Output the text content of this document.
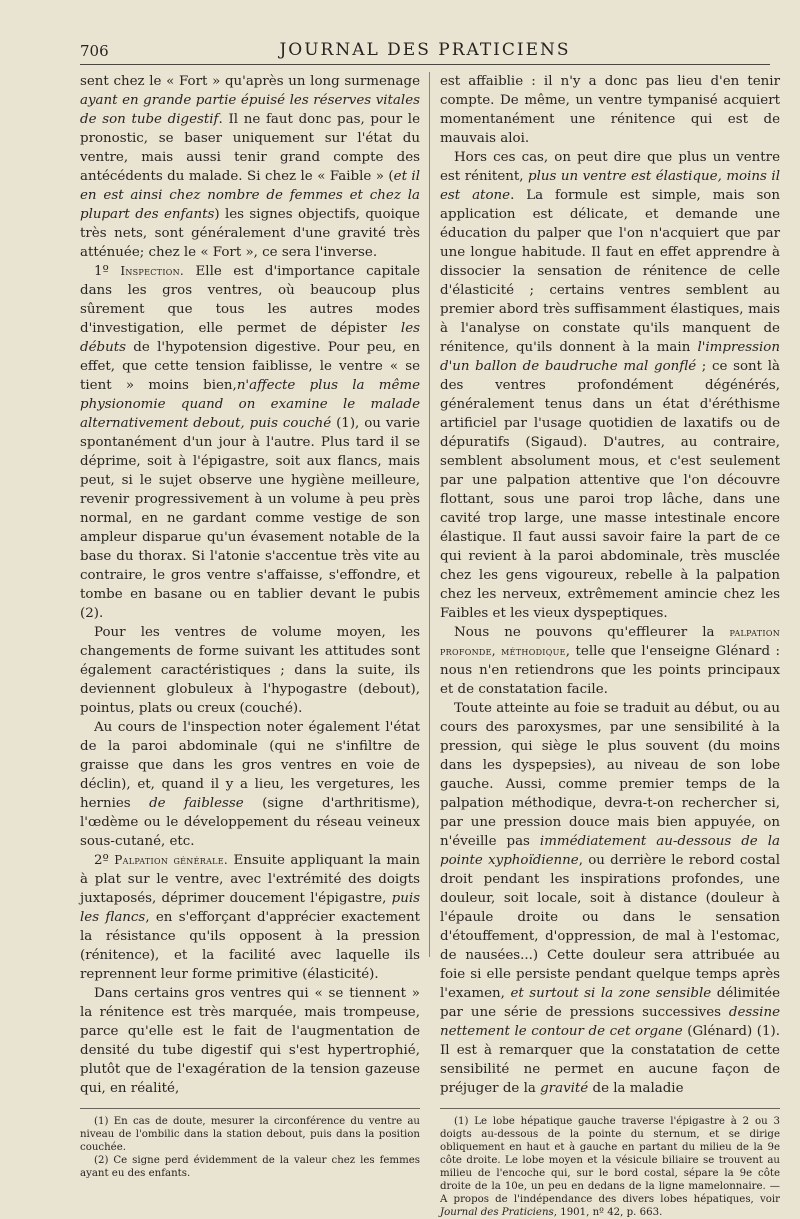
706	JOURNAL DES PRATICIENS

sent chez le « Fort » qu'après un long surmenage ayant en grande partie épuisé les réserves vitales de son tube digestif. Il ne faut donc pas, pour le pronostic, se baser uniquement sur l'état du ventre, mais aussi tenir grand compte des antécédents du malade. Si chez le « Faible » (et il en est ainsi chez nombre de femmes et chez la plupart des enfants) les signes objectifs, quoique très nets, sont généralement d'une gravité très atténuée; chez le « Fort », ce sera l'inverse.

1º Inspection. Elle est d'importance capitale dans les gros ventres, où beaucoup plus sûrement que tous les autres modes d'investigation, elle permet de dépister les débuts de l'hypotension digestive. Pour peu, en effet, que cette tension faiblisse, le ventre « se tient » moins bien,n'affecte plus la même physionomie quand on examine le malade alternativement debout, puis couché (1), ou varie spontanément d'un jour à l'autre. Plus tard il se déprime, soit à l'épigastre, soit aux flancs, mais peut, si le sujet observe une hygiène meilleure, revenir progressivement à un volume à peu près normal, en ne gardant comme vestige de son ampleur disparue qu'un évasement notable de la base du thorax. Si l'atonie s'accentue très vite au contraire, le gros ventre s'affaisse, s'effondre, et tombe en basane ou en tablier devant le pubis (2).

Pour les ventres de volume moyen, les changements de forme suivant les attitudes sont également caractéristiques ; dans la suite, ils deviennent globuleux à l'hypogastre (debout), pointus, plats ou creux (couché).

Au cours de l'inspection noter également l'état de la paroi abdominale (qui ne s'infiltre de graisse que dans les gros ventres en voie de déclin), et, quand il y a lieu, les vergetures, les hernies de faiblesse (signe d'arthritisme), l'œdème ou le développement du réseau veineux sous-cutané, etc.

2º Palpation générale. Ensuite appliquant la main à plat sur le ventre, avec l'extrémité des doigts juxtaposés, déprimer doucement l'épigastre, puis les flancs, en s'efforçant d'apprécier exactement la résistance qu'ils opposent à la pression (rénitence), et la facilité avec laquelle ils reprennent leur forme primitive (élasticité).

Dans certains gros ventres qui « se tiennent » la rénitence est très marquée, mais trompeuse, parce qu'elle est le fait de l'augmentation de densité du tube digestif qui s'est hypertrophié, plutôt que de l'exagération de la tension gazeuse qui, en réalité,

(1) En cas de doute, mesurer la circonférence du ventre au niveau de l'ombilic dans la station debout, puis dans la position couchée.

(2) Ce signe perd évidemment de la valeur chez les femmes ayant eu des enfants.

est affaiblie : il n'y a donc pas lieu d'en tenir compte. De même, un ventre tympanisé acquiert momentanément une rénitence qui est de mauvais aloi.

Hors ces cas, on peut dire que plus un ventre est rénitent, plus un ventre est élastique, moins il est atone. La formule est simple, mais son application est délicate, et demande une éducation du palper que l'on n'acquiert que par une longue habitude. Il faut en effet apprendre à dissocier la sensation de rénitence de celle d'élasticité ; certains ventres semblent au premier abord très suffisamment élastiques, mais à l'analyse on constate qu'ils manquent de rénitence, qu'ils donnent à la main l'impression d'un ballon de baudruche mal gonflé ; ce sont là des ventres profondément dégénérés, généralement tenus dans un état d'éréthisme artificiel par l'usage quotidien de laxatifs ou de dépuratifs (Sigaud). D'autres, au contraire, semblent absolument mous, et c'est seulement par une palpation attentive que l'on découvre flottant, sous une paroi trop lâche, dans une cavité trop large, une masse intestinale encore élastique. Il faut aussi savoir faire la part de ce qui revient à la paroi abdominale, très musclée chez les gens vigoureux, rebelle à la palpation chez les nerveux, extrêmement amincie chez les Faibles et les vieux dyspeptiques.

Nous ne pouvons qu'effleurer la palpation profonde, méthodique, telle que l'enseigne Glénard : nous n'en retiendrons que les points principaux et de constatation facile.

Toute atteinte au foie se traduit au début, ou au cours des paroxysmes, par une sensibilité à la pression, qui siège le plus souvent (du moins dans les dyspepsies), au niveau de son lobe gauche. Aussi, comme premier temps de la palpation méthodique, devra-t-on rechercher si, par une pression douce mais bien appuyée, on n'éveille pas immédiatement au-dessous de la pointe xyphoïdienne, ou derrière le rebord costal droit pendant les inspirations profondes, une douleur, soit locale, soit à distance (douleur à l'épaule droite ou dans le sensation d'étouffement, d'oppression, de mal à l'estomac, de nausées...) Cette douleur sera attribuée au foie si elle persiste pendant quelque temps après l'examen, et surtout si la zone sensible délimitée par une série de pressions successives dessine nettement le contour de cet organe (Glénard) (1). Il est à remarquer que la constatation de cette sensibilité ne permet en aucune façon de préjuger de la gravité de la maladie

(1) Le lobe hépatique gauche traverse l'épigastre à 2 ou 3 doigts au-dessous de la pointe du sternum, et se dirige obliquement en haut et à gauche en partant du milieu de la 9e côte droite. Le lobe moyen et la vésicule biliaire se trouvent au milieu de l'encoche qui, sur le bord costal, sépare la 9e côte droite de la 10e, un peu en dedans de la ligne mamelonnaire. — A propos de l'indépendance des divers lobes hépatiques, voir Journal des Praticiens, 1901, nº 42, p. 663.
